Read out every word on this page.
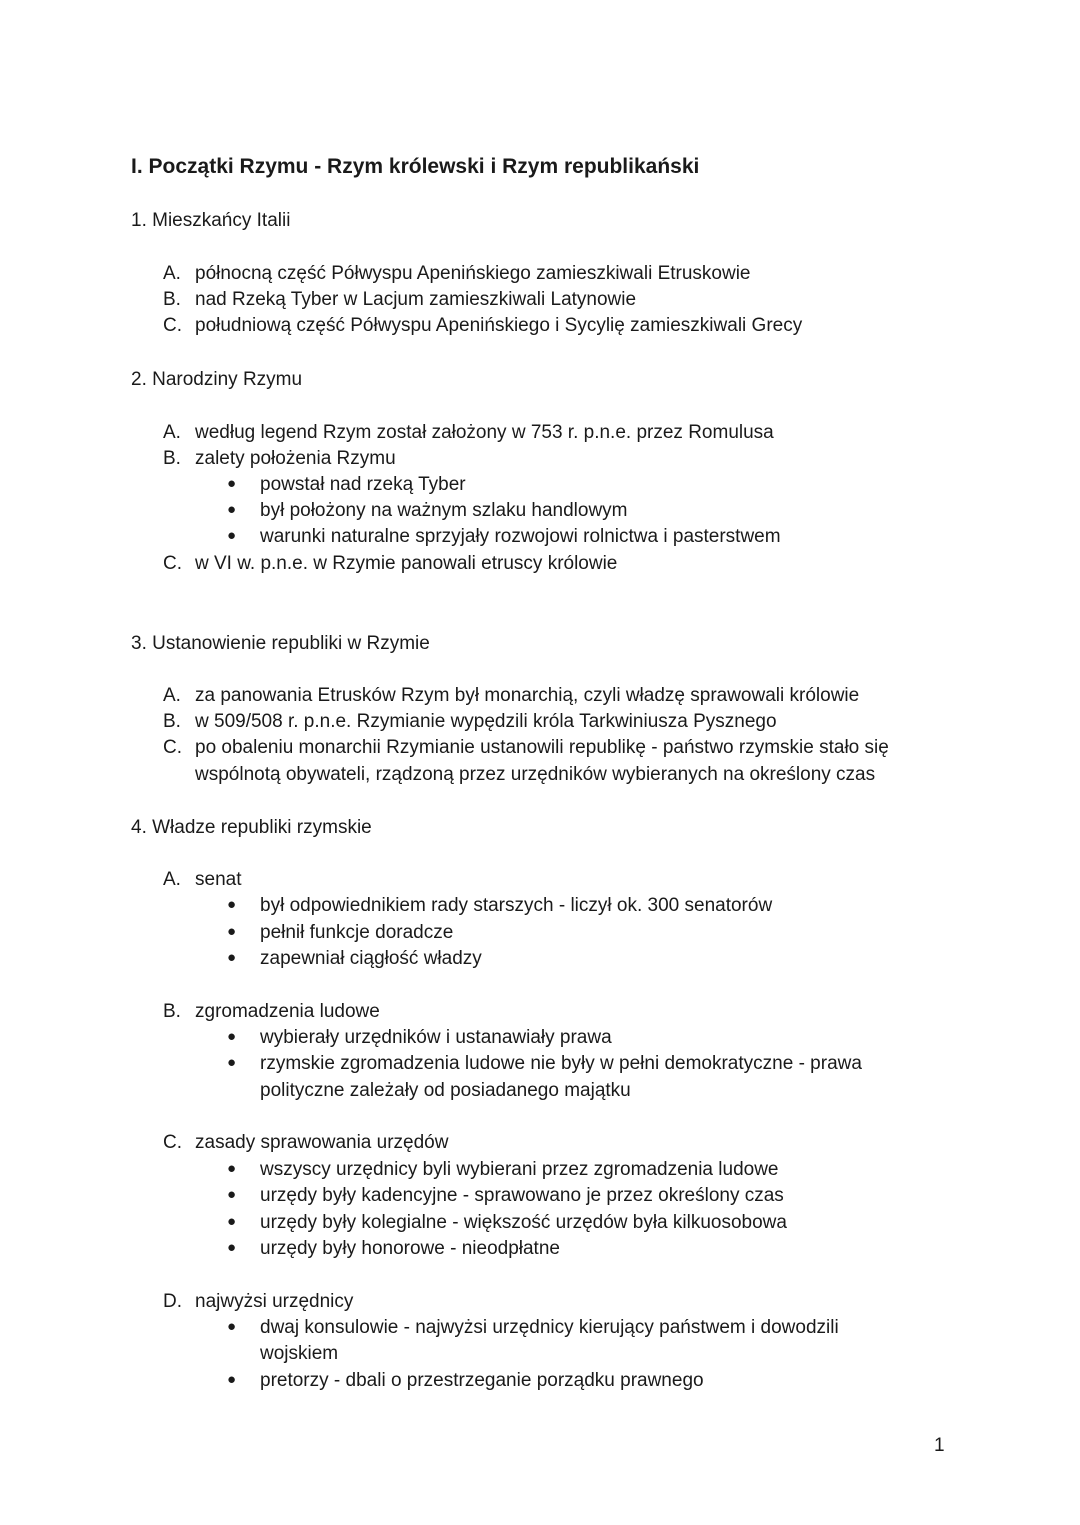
I. Początki Rzymu - Rzym królewski i Rzym republikański
1. Mieszkańcy Italii
A. północną część Półwyspu Apenińskiego zamieszkiwali Etruskowie
B. nad Rzeką Tyber w Lacjum zamieszkiwali Latynowie
C. południową część Półwyspu Apenińskiego i Sycylię zamieszkiwali Grecy
2. Narodziny Rzymu
A. według legend Rzym został założony w 753 r. p.n.e. przez Romulusa
B. zalety położenia Rzymu
● powstał nad rzeką Tyber
● był położony na ważnym szlaku handlowym
● warunki naturalne sprzyjały rozwojowi rolnictwa i pasterstwem
C. w VI w. p.n.e. w Rzymie panowali etruscy królowie
3. Ustanowienie republiki w Rzymie
A. za panowania Etrusków Rzym był monarchią, czyli władzę sprawowali królowie
B. w 509/508 r. p.n.e. Rzymianie wypędzili króla Tarkwiniusza Pysznego
C. po obaleniu monarchii Rzymianie ustanowili republikę - państwo rzymskie stało się
wspólnotą obywateli, rządzoną przez urzędników wybieranych na określony czas
4. Władze republiki rzymskie
A. senat
● był odpowiednikiem rady starszych - liczył ok. 300 senatorów
● pełnił funkcje doradcze
● zapewniał ciągłość władzy
B. zgromadzenia ludowe
● wybierały urzędników i ustanawiały prawa
● rzymskie zgromadzenia ludowe nie były w pełni demokratyczne - prawa
polityczne zależały od posiadanego majątku
C. zasady sprawowania urzędów
● wszyscy urzędnicy byli wybierani przez zgromadzenia ludowe
● urzędy były kadencyjne - sprawowano je przez określony czas
● urzędy były kolegialne - większość urzędów była kilkuosobowa
● urzędy były honorowe - nieodpłatne
D. najwyżsi urzędnicy
● dwaj konsulowie - najwyżsi urzędnicy kierujący państwem i dowodzili
wojskiem
● pretorzy - dbali o przestrzeganie porządku prawnego
1
